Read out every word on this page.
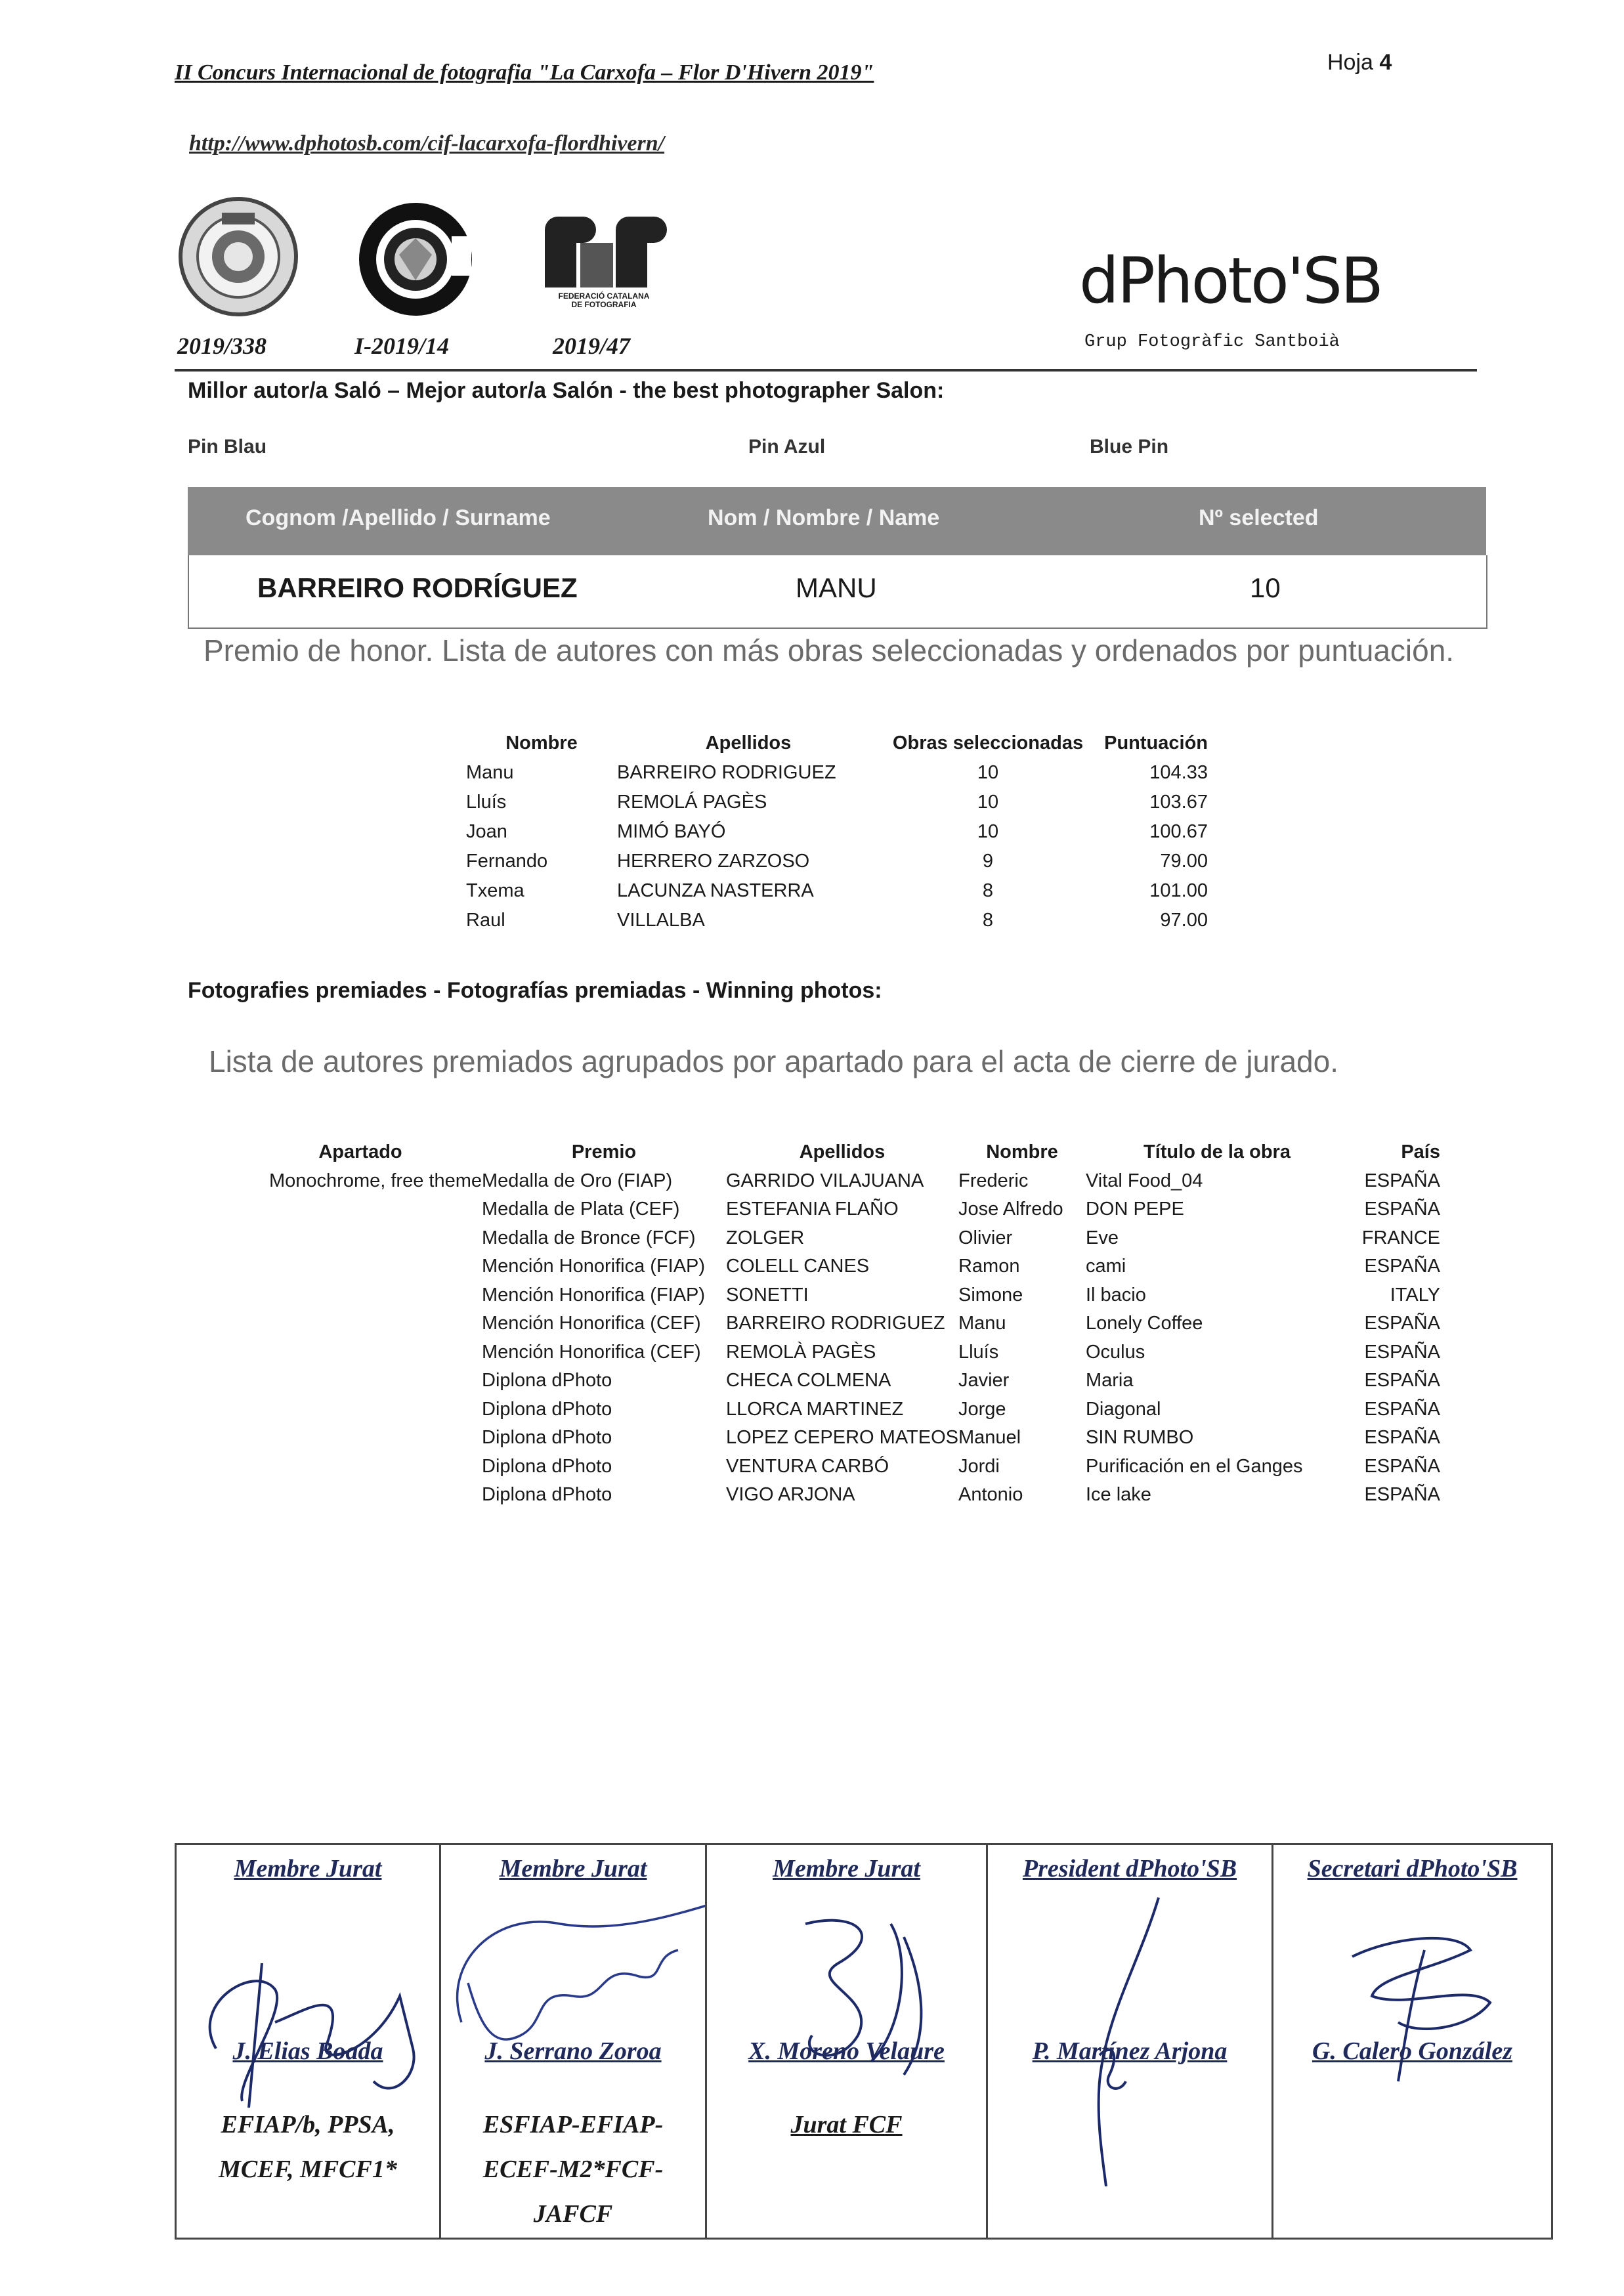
II Concurs Internacional de fotografia "La Carxofa – Flor D'Hivern 2019"	Hoja 4
http://www.dphotosb.com/cif-lacarxofa-flordhivern/
FEDERACIÓ CATALANA
DE FOTOGRAFIA
2019/338	I-2019/14	2019/47
dPhoto'SB
Grup Fotogràfic Santboià
Millor autor/a Saló – Mejor autor/a Salón - the best photographer Salon:
Pin Blau	Pin Azul	Blue Pin
Cognom /Apellido / Surname	Nom / Nombre / Name	Nº selected
BARREIRO RODRÍGUEZ	MANU	10
Premio de honor. Lista de autores con más obras seleccionadas y ordenados por puntuación.
Nombre	Apellidos	Obras seleccionadas	Puntuación
Manu	BARREIRO RODRIGUEZ	10	104.33
Lluís	REMOLÁ PAGÈS	10	103.67
Joan	MIMÓ BAYÓ	10	100.67
Fernando	HERRERO ZARZOSO	9	79.00
Txema	LACUNZA NASTERRA	8	101.00
Raul	VILLALBA	8	97.00
Fotografies premiades - Fotografías premiadas - Winning photos:
Lista de autores premiados agrupados por apartado para el acta de cierre de jurado.
Apartado	Premio	Apellidos	Nombre	Título de la obra	País
Monochrome, free theme	Medalla de Oro (FIAP)	GARRIDO VILAJUANA	Frederic	Vital Food_04	ESPAÑA
	Medalla de Plata (CEF)	ESTEFANIA FLAÑO	Jose Alfredo	DON PEPE	ESPAÑA
	Medalla de Bronce (FCF)	ZOLGER	Olivier	Eve	FRANCE
	Mención Honorifica (FIAP)	COLELL CANES	Ramon	cami	ESPAÑA
	Mención Honorifica (FIAP)	SONETTI	Simone	Il bacio	ITALY
	Mención Honorifica (CEF)	BARREIRO RODRIGUEZ	Manu	Lonely Coffee	ESPAÑA
	Mención Honorifica (CEF)	REMOLÀ PAGÈS	Lluís	Oculus	ESPAÑA
	Diplona dPhoto	CHECA COLMENA	Javier	Maria	ESPAÑA
	Diplona dPhoto	LLORCA MARTINEZ	Jorge	Diagonal	ESPAÑA
	Diplona dPhoto	LOPEZ CEPERO MATEOS	Manuel	SIN RUMBO	ESPAÑA
	Diplona dPhoto	VENTURA CARBÓ	Jordi	Purificación en el Ganges	ESPAÑA
	Diplona dPhoto	VIGO ARJONA	Antonio	Ice lake	ESPAÑA
Membre Jurat
J. Elias Boada
EFIAP/b, PPSA,
MCEF, MFCF1*
Membre Jurat
J. Serrano Zoroa
ESFIAP-EFIAP-
ECEF-M2*FCF-
JAFCF
Membre Jurat
X. Moreno Velaure
Jurat FCF
President dPhoto'SB
P. Martínez Arjona
Secretari dPhoto'SB
G. Calero González
